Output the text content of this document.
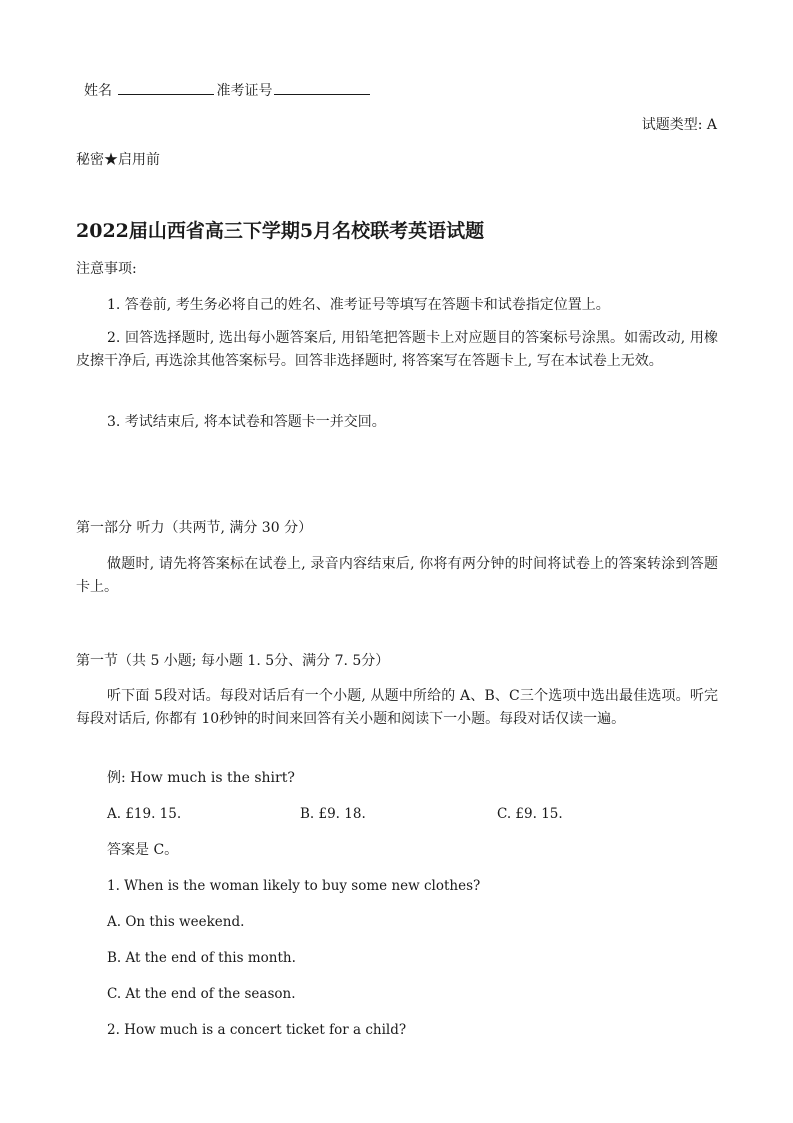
姓名	准考证号
试题类型: A
秘密★启用前
2022届山西省高三下学期5月名校联考英语试题
注意事项:
1. 答卷前, 考生务必将自己的姓名、准考证号等填写在答题卡和试卷指定位置上。
2. 回答选择题时, 选出每小题答案后, 用铅笔把答题卡上对应题目的答案标号涂黑。如需改动, 用橡皮擦干净后, 再选涂其他答案标号。回答非选择题时, 将答案写在答题卡上, 写在本试卷上无效。
3. 考试结束后, 将本试卷和答题卡一并交回。
第一部分 听力（共两节, 满分 30 分）
做题时, 请先将答案标在试卷上, 录音内容结束后, 你将有两分钟的时间将试卷上的答案转涂到答题卡上。
第一节（共 5 小题; 每小题 1. 5分、满分 7. 5分）
听下面 5段对话。每段对话后有一个小题, 从题中所给的 A、B、C三个选项中选出最佳选项。听完每段对话后, 你都有 10秒钟的时间来回答有关小题和阅读下一小题。每段对话仅读一遍。
例: How much is the shirt?
A. £19. 15.	B. £9. 18.	C. £9. 15.
答案是 C。
1. When is the woman likely to buy some new clothes?
A. On this weekend.
B. At the end of this month.
C. At the end of the season.
2. How much is a concert ticket for a child?
